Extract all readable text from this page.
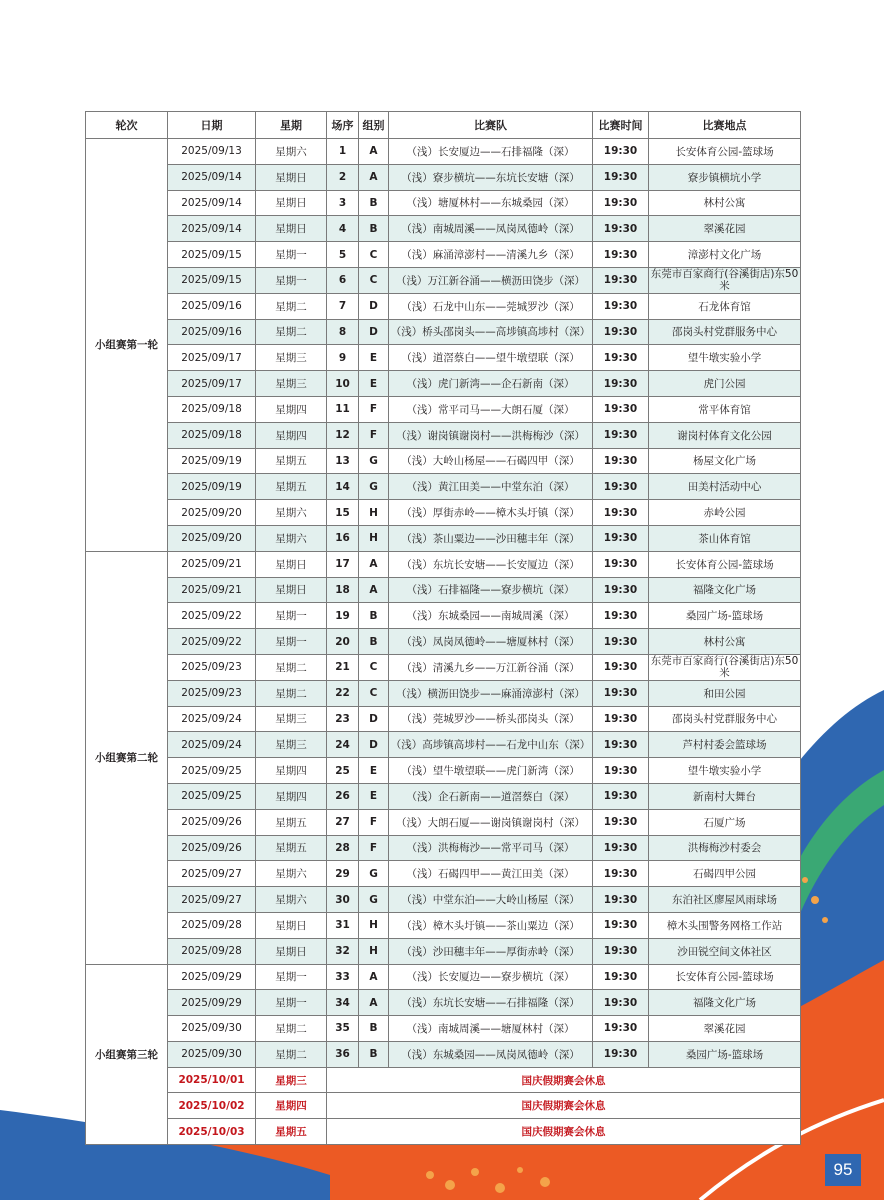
轮次	日期	星期	场序	组别	比赛队	比赛时间	比赛地点
小组赛第一轮	2025/09/13	星期六	1	A	（浅）长安厦边——石排福隆（深）	19:30	长安体育公园-篮球场
	2025/09/14	星期日	2	A	（浅）寮步横坑——东坑长安塘（深）	19:30	寮步镇横坑小学
	2025/09/14	星期日	3	B	（浅）塘厦林村——东城桑园（深）	19:30	林村公寓
	2025/09/14	星期日	4	B	（浅）南城周溪——凤岗凤德岭（深）	19:30	翠溪花园
	2025/09/15	星期一	5	C	（浅）麻涌漳澎村——清溪九乡（深）	19:30	漳澎村文化广场
	2025/09/15	星期一	6	C	（浅）万江新谷涌——横沥田饶步（深）	19:30	东莞市百家商行(谷溪街店)东50米
	2025/09/16	星期二	7	D	（浅）石龙中山东——莞城罗沙（深）	19:30	石龙体育馆
	2025/09/16	星期二	8	D	（浅）桥头邵岗头——高埗镇高埗村（深）	19:30	邵岗头村党群服务中心
	2025/09/17	星期三	9	E	（浅）道滘蔡白——望牛墩望联（深）	19:30	望牛墩实验小学
	2025/09/17	星期三	10	E	（浅）虎门新湾——企石新南（深）	19:30	虎门公园
	2025/09/18	星期四	11	F	（浅）常平司马——大朗石厦（深）	19:30	常平体育馆
	2025/09/18	星期四	12	F	（浅）谢岗镇谢岗村——洪梅梅沙（深）	19:30	谢岗村体育文化公园
	2025/09/19	星期五	13	G	（浅）大岭山杨屋——石碣四甲（深）	19:30	杨屋文化广场
	2025/09/19	星期五	14	G	（浅）黄江田美——中堂东泊（深）	19:30	田美村活动中心
	2025/09/20	星期六	15	H	（浅）厚街赤岭——樟木头圩镇（深）	19:30	赤岭公园
	2025/09/20	星期六	16	H	（浅）茶山粟边——沙田穗丰年（深）	19:30	茶山体育馆
小组赛第二轮	2025/09/21	星期日	17	A	（浅）东坑长安塘——长安厦边（深）	19:30	长安体育公园-篮球场
	2025/09/21	星期日	18	A	（浅）石排福隆——寮步横坑（深）	19:30	福隆文化广场
	2025/09/22	星期一	19	B	（浅）东城桑园——南城周溪（深）	19:30	桑园广场-篮球场
	2025/09/22	星期一	20	B	（浅）凤岗凤德岭——塘厦林村（深）	19:30	林村公寓
	2025/09/23	星期二	21	C	（浅）清溪九乡——万江新谷涌（深）	19:30	东莞市百家商行(谷溪街店)东50米
	2025/09/23	星期二	22	C	（浅）横沥田饶步——麻涌漳澎村（深）	19:30	和田公园
	2025/09/24	星期三	23	D	（浅）莞城罗沙——桥头邵岗头（深）	19:30	邵岗头村党群服务中心
	2025/09/24	星期三	24	D	（浅）高埗镇高埗村——石龙中山东（深）	19:30	芦村村委会篮球场
	2025/09/25	星期四	25	E	（浅）望牛墩望联——虎门新湾（深）	19:30	望牛墩实验小学
	2025/09/25	星期四	26	E	（浅）企石新南——道滘蔡白（深）	19:30	新南村大舞台
	2025/09/26	星期五	27	F	（浅）大朗石厦——谢岗镇谢岗村（深）	19:30	石厦广场
	2025/09/26	星期五	28	F	（浅）洪梅梅沙——常平司马（深）	19:30	洪梅梅沙村委会
	2025/09/27	星期六	29	G	（浅）石碣四甲——黄江田美（深）	19:30	石碣四甲公园
	2025/09/27	星期六	30	G	（浅）中堂东泊——大岭山杨屋（深）	19:30	东泊社区廖屋风雨球场
	2025/09/28	星期日	31	H	（浅）樟木头圩镇——茶山粟边（深）	19:30	樟木头围警务网格工作站
	2025/09/28	星期日	32	H	（浅）沙田穗丰年——厚街赤岭（深）	19:30	沙田锐空间文体社区
小组赛第三轮	2025/09/29	星期一	33	A	（浅）长安厦边——寮步横坑（深）	19:30	长安体育公园-篮球场
	2025/09/29	星期一	34	A	（浅）东坑长安塘——石排福隆（深）	19:30	福隆文化广场
	2025/09/30	星期二	35	B	（浅）南城周溪——塘厦林村（深）	19:30	翠溪花园
	2025/09/30	星期二	36	B	（浅）东城桑园——凤岗凤德岭（深）	19:30	桑园广场-篮球场
	2025/10/01	星期三	国庆假期赛会休息				
	2025/10/02	星期四	国庆假期赛会休息				
	2025/10/03	星期五	国庆假期赛会休息				
95
